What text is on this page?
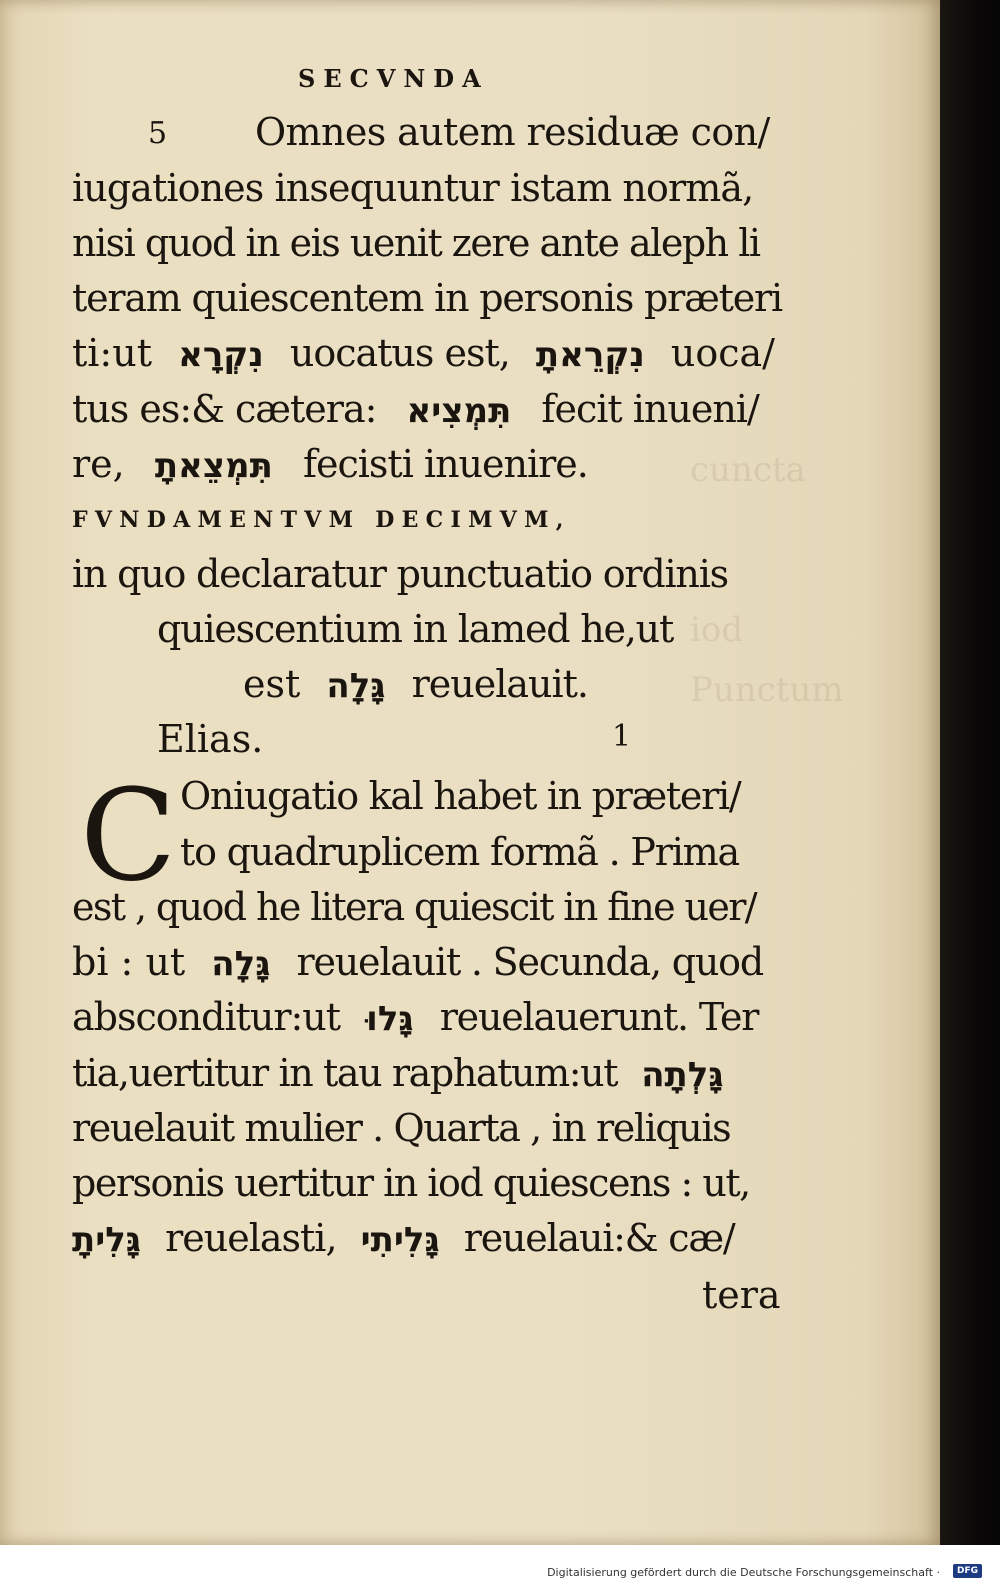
cuncta
iod
Punctum
SECVNDA
5 Omnes autem residuæ con/
iugationes insequuntur istam normã,
nisi quod in eis uenit zere ante aleph li
teram quiescentem in personis præteri
ti:ut נִקְרָא uocatus est, נִקְרֵאתָ uoca/
tus es:& cætera: תִּמְצִיא fecit inueni/
re, תִּמְצֵאתָ fecisti inuenire.
FVNDAMENTVM DECIMVM,
in quo declaratur punctuatio ordinis
quiescentium in lamed he,ut
est גָּלָה reuelauit.
Elias.	1
C Oniugatio kal habet in præteri/
to quadruplicem formã . Prima
est , quod he litera quiescit in fine uer/
bi : ut גָּלָה reuelauit . Secunda, quod
absconditur:ut גָּלוּ reuelauerunt. Ter
tia,uertitur in tau raphatum:ut גָּלְתָה
reuelauit mulier . Quarta , in reliquis
personis uertitur in iod quiescens : ut,
גָּלִיתָ reuelasti, גָּלִיתִי reuelaui:& cæ/
tera
Digitalisierung gefördert durch die Deutsche Forschungsgemeinschaft ·	DFG
